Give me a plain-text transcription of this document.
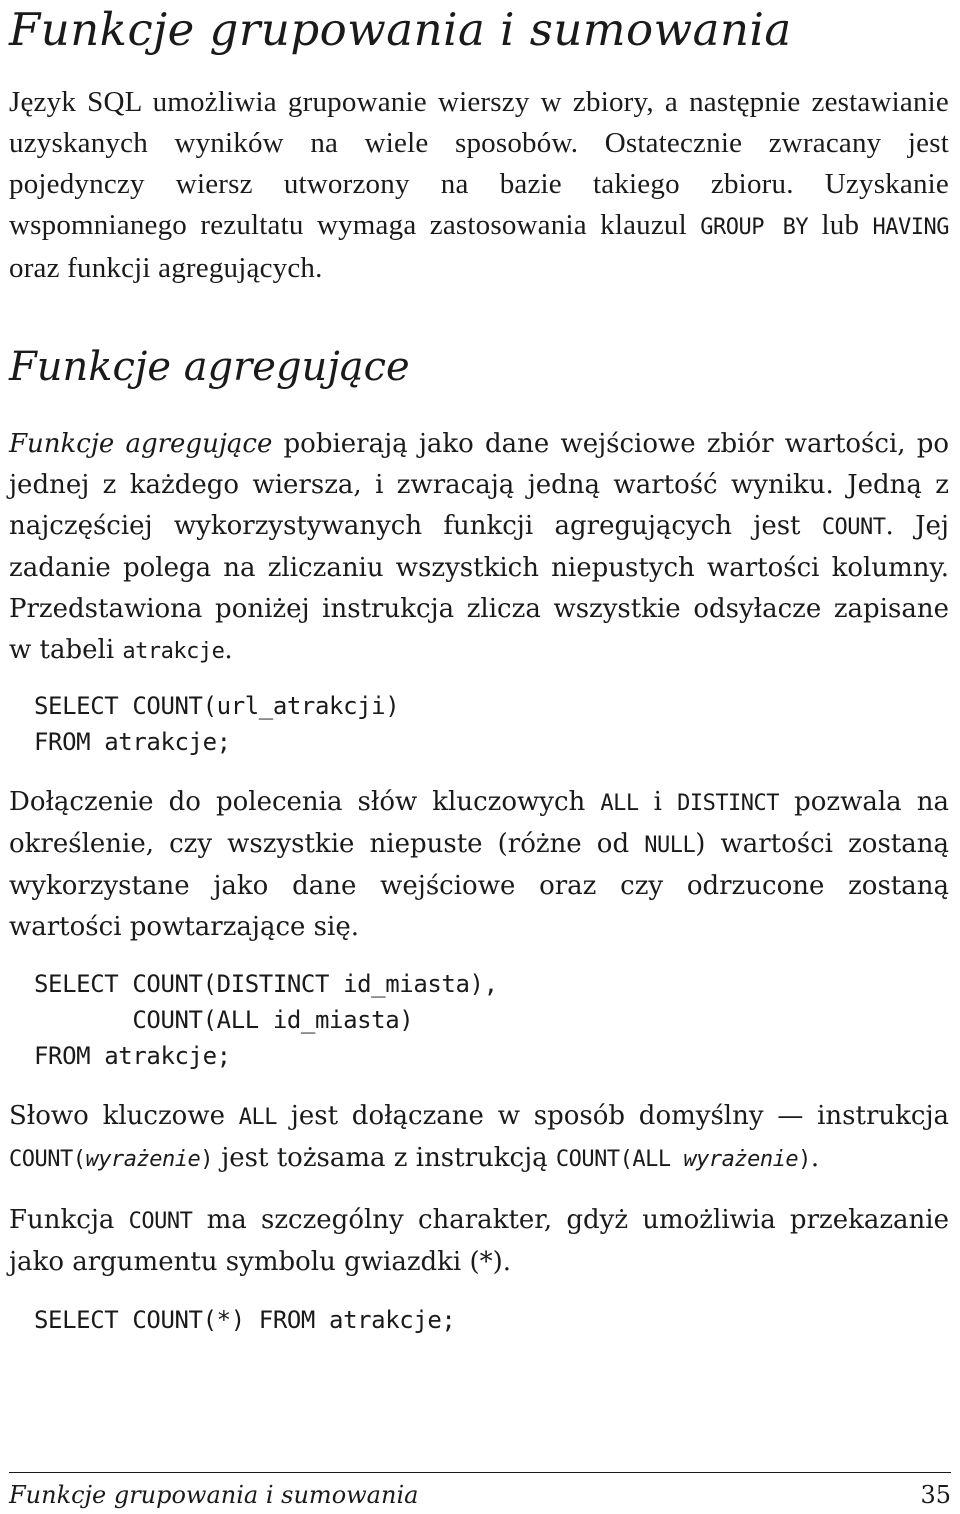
Funkcje grupowania i sumowania

Język SQL umożliwia grupowanie wierszy w zbiory, a następnie zestawianie uzyskanych wyników na wiele sposobów. Ostatecznie zwracany jest pojedynczy wiersz utworzony na bazie takiego zbioru. Uzyskanie wspomnianego rezultatu wymaga zastosowania klauzul GROUP BY lub HAVING oraz funkcji agregujących.

Funkcje agregujące

Funkcje agregujące pobierają jako dane wejściowe zbiór wartości, po jednej z każdego wiersza, i zwracają jedną wartość wyniku. Jedną z najczęściej wykorzystywanych funkcji agregujących jest COUNT. Jej zadanie polega na zliczaniu wszystkich niepustych wartości kolumny. Przedstawiona poniżej instrukcja zlicza wszystkie odsyłacze zapisane w tabeli atrakcje.

SELECT COUNT(url_atrakcji)
FROM atrakcje;

Dołączenie do polecenia słów kluczowych ALL i DISTINCT pozwala na określenie, czy wszystkie niepuste (różne od NULL) wartości zostaną wykorzystane jako dane wejściowe oraz czy odrzucone zostaną wartości powtarzające się.

SELECT COUNT(DISTINCT id_miasta),
COUNT(ALL id_miasta)
FROM atrakcje;

Słowo kluczowe ALL jest dołączane w sposób domyślny — instrukcja COUNT(wyrażenie) jest tożsama z instrukcją COUNT(ALL wyrażenie).

Funkcja COUNT ma szczególny charakter, gdyż umożliwia przekazanie jako argumentu symbolu gwiazdki (*).

SELECT COUNT(*) FROM atrakcje;
Funkcje grupowania i sumowania	35
